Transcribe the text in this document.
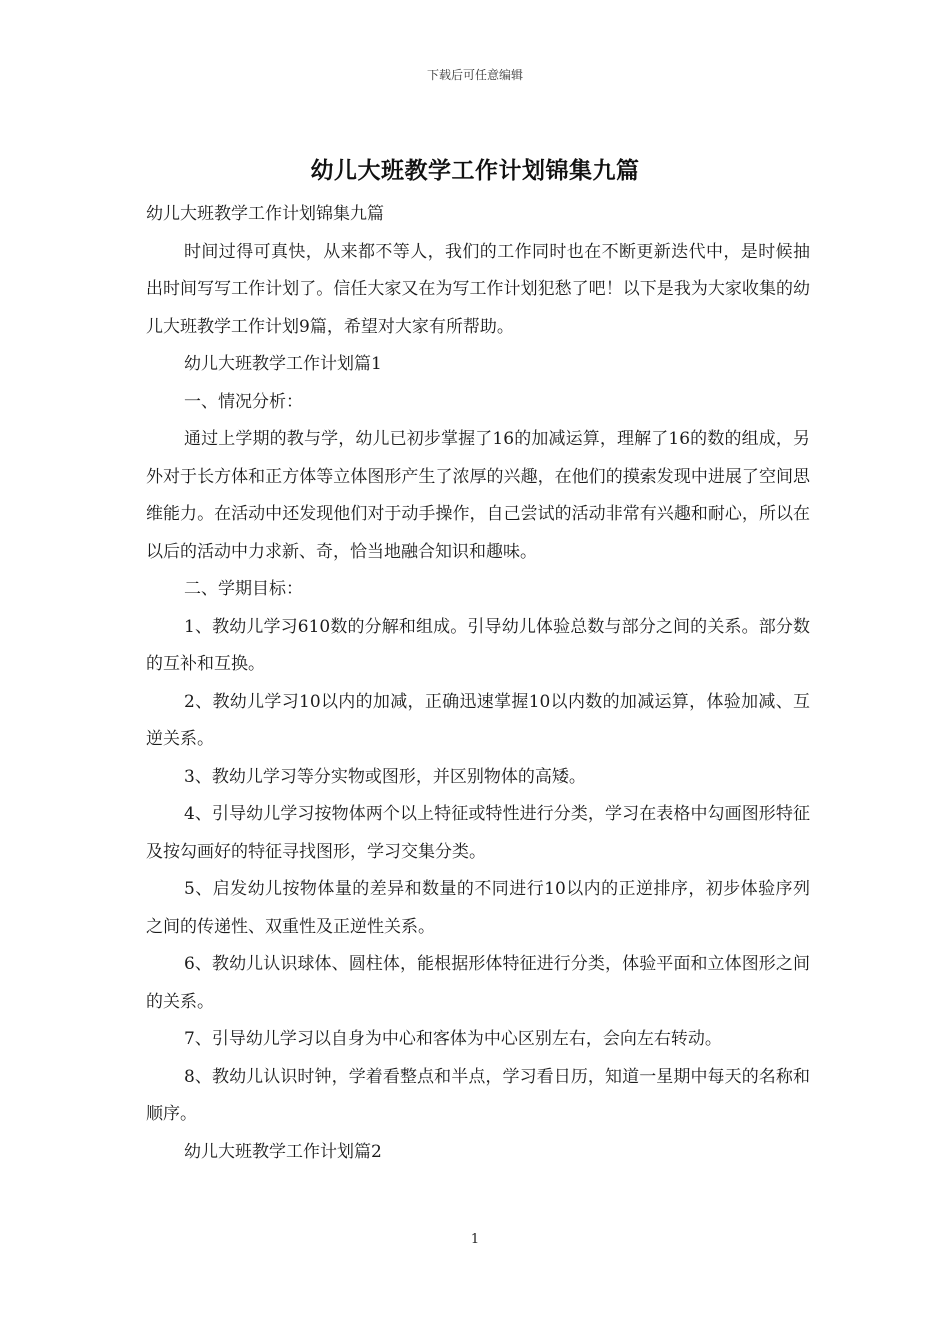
下载后可任意编辑
幼儿大班教学工作计划锦集九篇

幼儿大班教学工作计划锦集九篇

时间过得可真快，从来都不等人，我们的工作同时也在不断更新迭代中，是时候抽出时间写写工作计划了。信任大家又在为写工作计划犯愁了吧！以下是我为大家收集的幼儿大班教学工作计划9篇，希望对大家有所帮助。

幼儿大班教学工作计划篇1

一、情况分析：

通过上学期的教与学，幼儿已初步掌握了16的加减运算，理解了16的数的组成，另外对于长方体和正方体等立体图形产生了浓厚的兴趣，在他们的摸索发现中进展了空间思维能力。在活动中还发现他们对于动手操作，自己尝试的活动非常有兴趣和耐心，所以在以后的活动中力求新、奇，恰当地融合知识和趣味。

二、学期目标：

1、教幼儿学习610数的分解和组成。引导幼儿体验总数与部分之间的关系。部分数的互补和互换。

2、教幼儿学习10以内的加减，正确迅速掌握10以内数的加减运算，体验加减、互逆关系。

3、教幼儿学习等分实物或图形，并区别物体的高矮。

4、引导幼儿学习按物体两个以上特征或特性进行分类，学习在表格中勾画图形特征及按勾画好的特征寻找图形，学习交集分类。

5、启发幼儿按物体量的差异和数量的不同进行10以内的正逆排序，初步体验序列之间的传递性、双重性及正逆性关系。

6、教幼儿认识球体、圆柱体，能根据形体特征进行分类，体验平面和立体图形之间的关系。

7、引导幼儿学习以自身为中心和客体为中心区别左右，会向左右转动。

8、教幼儿认识时钟，学着看整点和半点，学习看日历，知道一星期中每天的名称和顺序。

幼儿大班教学工作计划篇2

1
